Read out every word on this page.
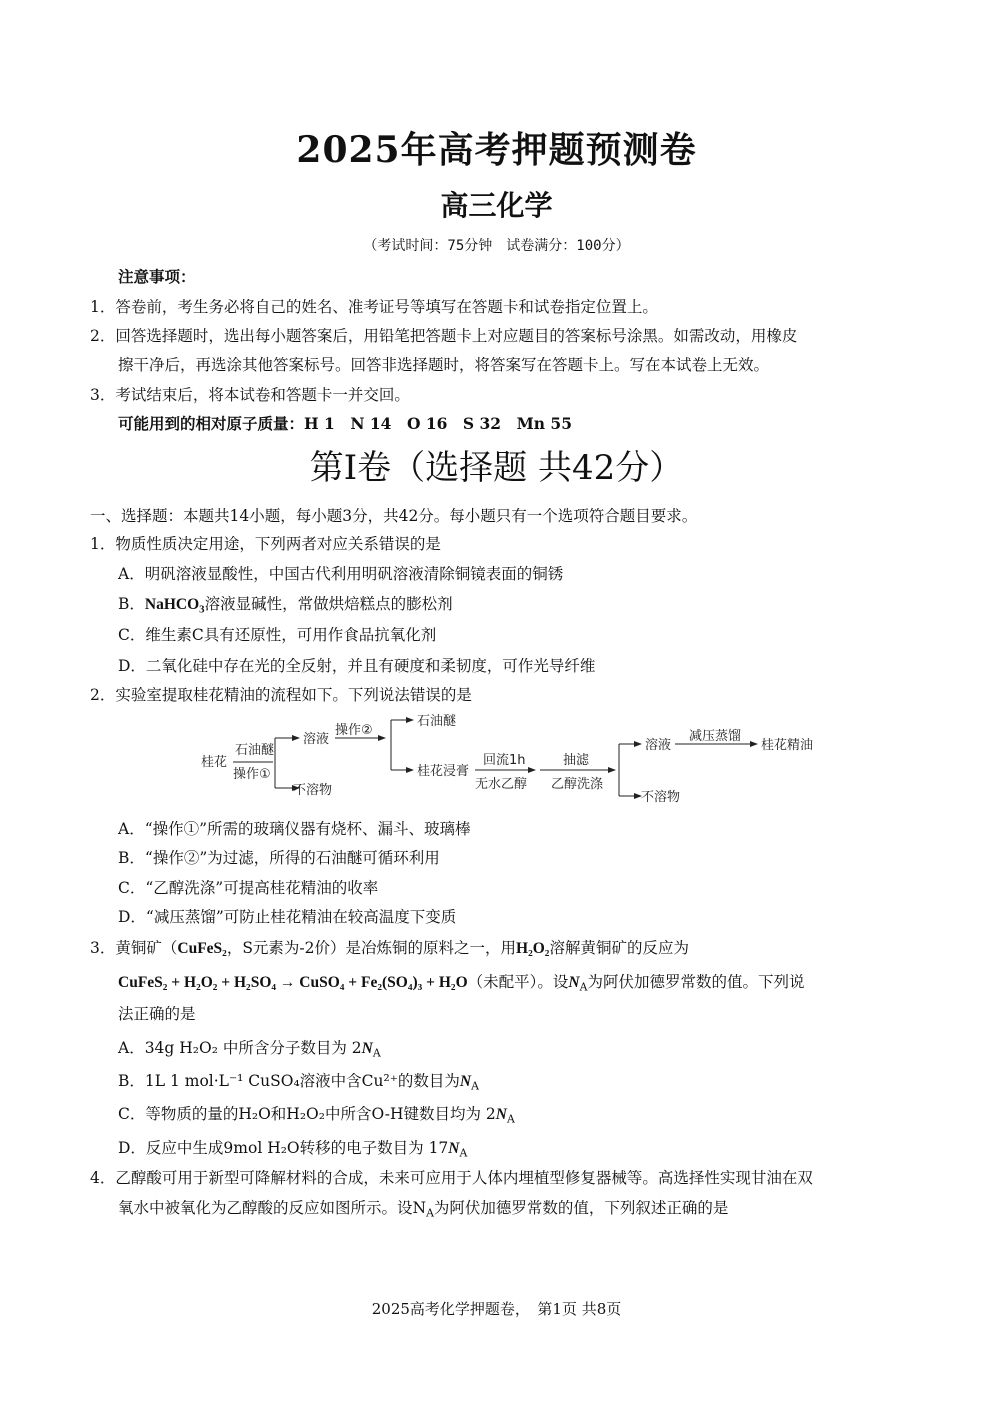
2025年高考押题预测卷
高三化学
（考试时间：75分钟　试卷满分：100分）
注意事项：
1．答卷前，考生务必将自己的姓名、准考证号等填写在答题卡和试卷指定位置上。
2．回答选择题时，选出每小题答案后，用铅笔把答题卡上对应题目的答案标号涂黑。如需改动，用橡皮
擦干净后，再选涂其他答案标号。回答非选择题时，将答案写在答题卡上。写在本试卷上无效。
3．考试结束后，将本试卷和答题卡一并交回。
可能用到的相对原子质量：H 1　N 14　O 16　S 32　Mn 55
第I卷（选择题 共42分）
一、选择题：本题共14小题，每小题3分，共42分。每小题只有一个选项符合题目要求。
1．物质性质决定用途，下列两者对应关系错误的是
A．明矾溶液显酸性，中国古代利用明矾溶液清除铜镜表面的铜锈
B．NaHCO$_3$溶液显碱性，常做烘焙糕点的膨松剂
C．维生素C具有还原性，可用作食品抗氧化剂
D．二氧化硅中存在光的全反射，并且有硬度和柔韧度，可作光导纤维
2．实验室提取桂花精油的流程如下。下列说法错误的是
桂花
石油醚
操作①
溶液
不溶物
操作②
石油醚
桂花浸膏
回流1h
无水乙醇
抽滤
乙醇洗涤
溶液
不溶物
减压蒸馏
桂花精油
A．“操作①”所需的玻璃仪器有烧杯、漏斗、玻璃棒
B．“操作②”为过滤，所得的石油醚可循环利用
C．“乙醇洗涤”可提高桂花精油的收率
D．“减压蒸馏”可防止桂花精油在较高温度下变质
3．黄铜矿（CuFeS₂，S元素为-2价）是冶炼铜的原料之一，用H₂O₂溶解黄铜矿的反应为
CuFeS₂ + H₂O₂ + H₂SO₄ → CuSO₄ + Fe₂(SO₄)₃ + H₂O（未配平）。设$N_A$为阿伏加德罗常数的值。下列说
法正确的是
A．34g H₂O₂ 中所含分子数目为 $2N_A$
B．1L 1 mol·L⁻¹ CuSO₄溶液中含Cu²⁺的数目为$N_A$
C．等物质的量的H₂O和H₂O₂中所含O-H键数目均为 $2N_A$
D．反应中生成9mol H₂O转移的电子数目为 $17N_A$
4．乙醇酸可用于新型可降解材料的合成，未来可应用于人体内埋植型修复器械等。高选择性实现甘油在双
氧水中被氧化为乙醇酸的反应如图所示。设$N_A$为阿伏加德罗常数的值，下列叙述正确的是
2025高考化学押题卷，　第1页 共8页
